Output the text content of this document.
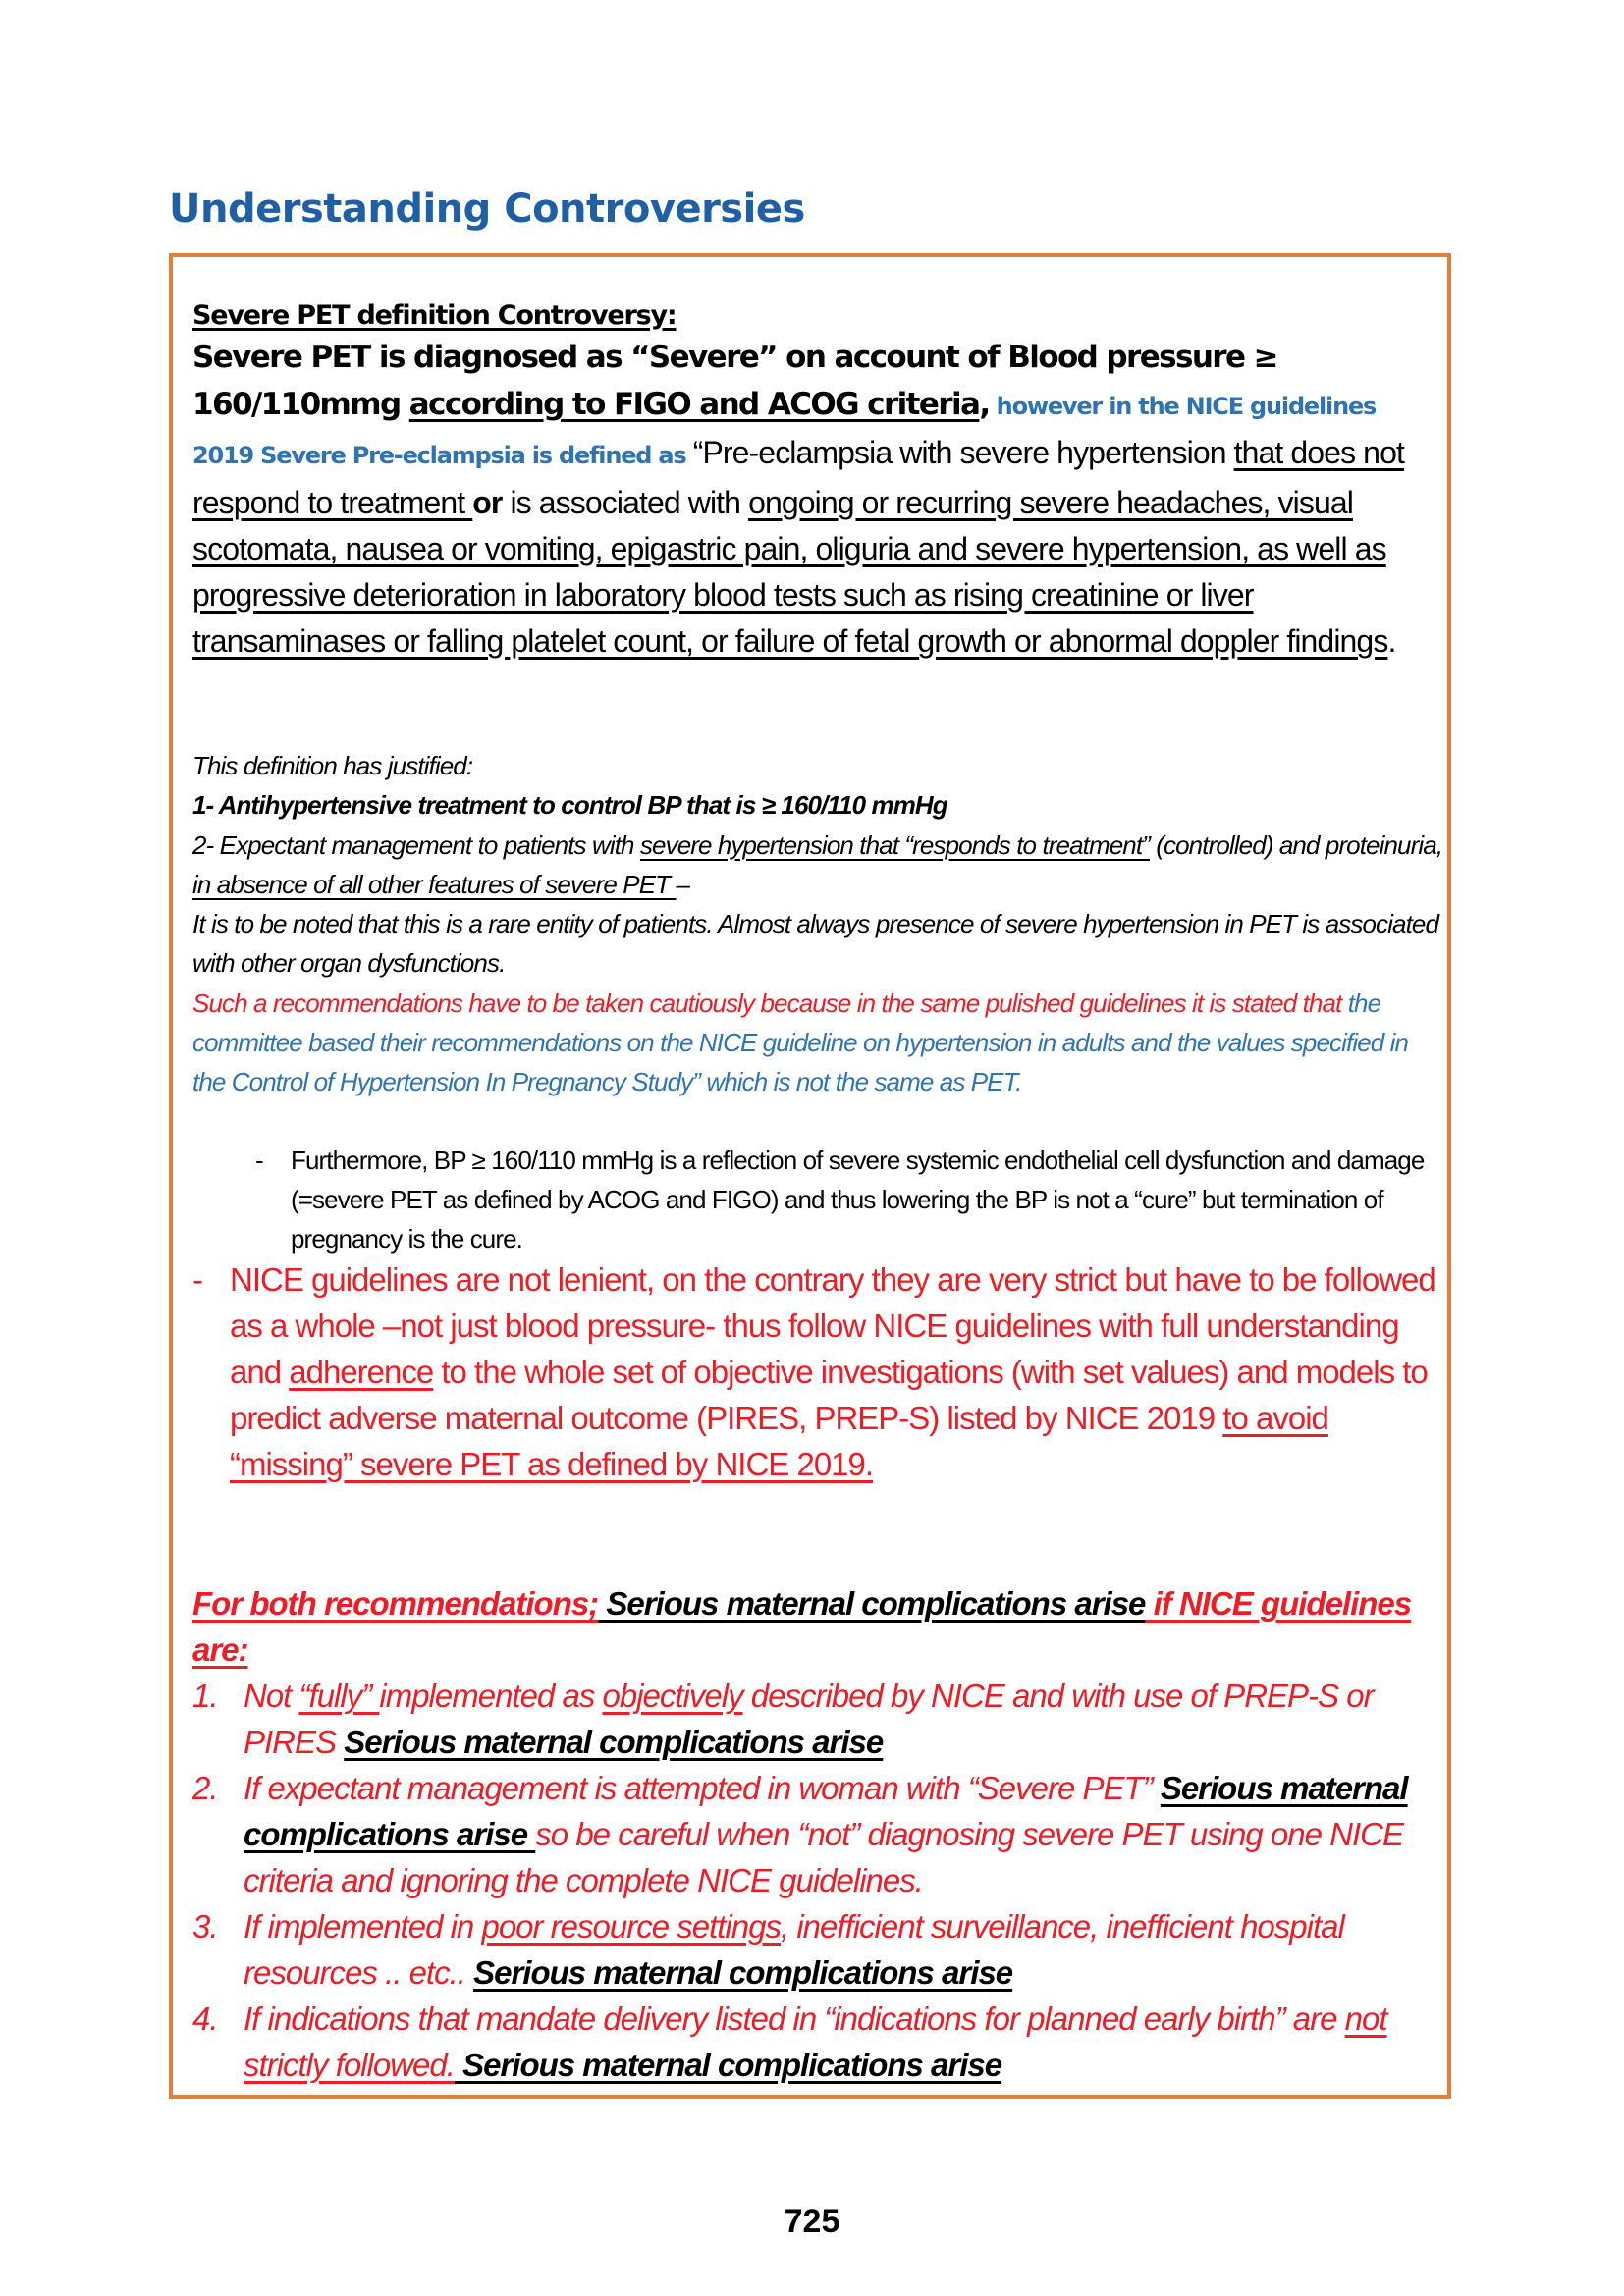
Understanding Controversies
Severe PET definition Controversy:
Severe PET is diagnosed as “Severe” on account of Blood pressure ≥ 160/110mmg according to FIGO and ACOG criteria, however in the NICE guidelines 2019 Severe Pre-eclampsia is defined as “Pre-eclampsia with severe hypertension that does not respond to treatment or is associated with ongoing or recurring severe headaches, visual scotomata, nausea or vomiting, epigastric pain, oliguria and severe hypertension, as well as progressive deterioration in laboratory blood tests such as rising creatinine or liver transaminases or falling platelet count, or failure of fetal growth or abnormal doppler findings.
This definition has justified:
1- Antihypertensive treatment to control BP that is ≥ 160/110 mmHg
2- Expectant management to patients with severe hypertension that “responds to treatment” (controlled) and proteinuria, in absence of all other features of severe PET –
It is to be noted that this is a rare entity of patients. Almost always presence of severe hypertension in PET is associated with other organ dysfunctions.
Such a recommendations have to be taken cautiously because in the same pulished guidelines it is stated that the committee based their recommendations on the NICE guideline on hypertension in adults and the values specified in the Control of Hypertension In Pregnancy Study” which is not the same as PET.
- Furthermore, BP ≥ 160/110 mmHg is a reflection of severe systemic endothelial cell dysfunction and damage (=severe PET as defined by ACOG and FIGO) and thus lowering the BP is not a “cure” but termination of pregnancy is the cure.
- NICE guidelines are not lenient, on the contrary they are very strict but have to be followed as a whole –not just blood pressure- thus follow NICE guidelines with full understanding and adherence to the whole set of objective investigations (with set values) and models to predict adverse maternal outcome (PIRES, PREP-S) listed by NICE 2019 to avoid “missing” severe PET as defined by NICE 2019.
For both recommendations; Serious maternal complications arise if NICE guidelines are:
1. Not “fully” implemented as objectively described by NICE and with use of PREP-S or PIRES Serious maternal complications arise
2. If expectant management is attempted in woman with “Severe PET” Serious maternal complications arise so be careful when “not” diagnosing severe PET using one NICE criteria and ignoring the complete NICE guidelines.
3. If implemented in poor resource settings, inefficient surveillance, inefficient hospital resources .. etc.. Serious maternal complications arise
4. If indications that mandate delivery listed in “indications for planned early birth” are not strictly followed. Serious maternal complications arise
725
